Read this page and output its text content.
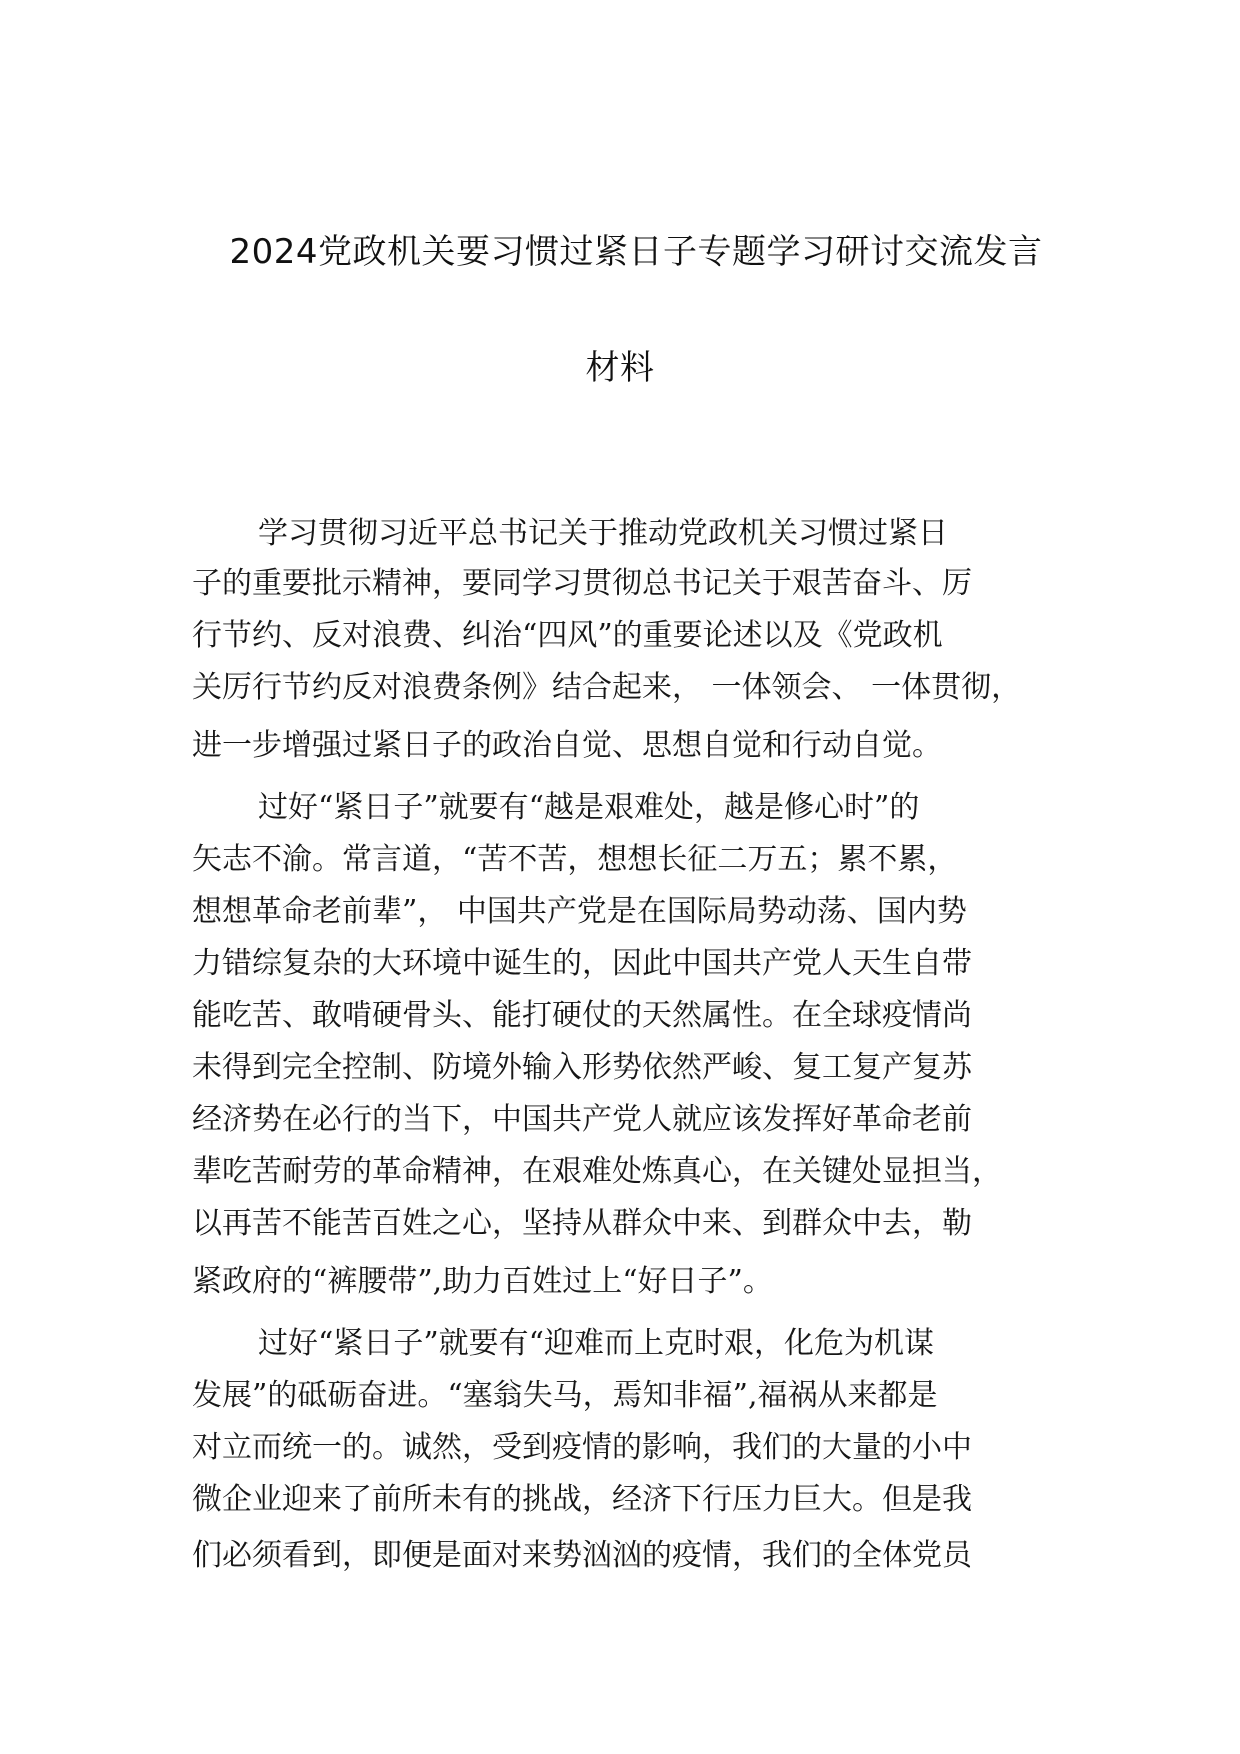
2024党政机关要习惯过紧日子专题学习研讨交流发言
材料
学习贯彻习近平总书记关于推动党政机关习惯过紧日
子的重要批示精神，要同学习贯彻总书记关于艰苦奋斗、厉
行节约、反对浪费、纠治“四风”的重要论述以及《党政机
关厉行节约反对浪费条例》结合起来， 一体领会、 一体贯彻，
进一步增强过紧日子的政治自觉、思想自觉和行动自觉。
过好“紧日子”就要有“越是艰难处，越是修心时”的
矢志不渝。常言道，“苦不苦，想想长征二万五；累不累，
想想革命老前辈”， 中国共产党是在国际局势动荡、国内势
力错综复杂的大环境中诞生的，因此中国共产党人天生自带
能吃苦、敢啃硬骨头、能打硬仗的天然属性。在全球疫情尚
未得到完全控制、防境外输入形势依然严峻、复工复产复苏
经济势在必行的当下，中国共产党人就应该发挥好革命老前
辈吃苦耐劳的革命精神，在艰难处炼真心，在关键处显担当，
以再苦不能苦百姓之心，坚持从群众中来、到群众中去，勒
紧政府的“裤腰带”,助力百姓过上“好日子”。
过好“紧日子”就要有“迎难而上克时艰，化危为机谋
发展”的砥砺奋进。“塞翁失马，焉知非福”,福祸从来都是
对立而统一的。诚然，受到疫情的影响，我们的大量的小中
微企业迎来了前所未有的挑战，经济下行压力巨大。但是我
们必须看到，即便是面对来势汹汹的疫情，我们的全体党员
